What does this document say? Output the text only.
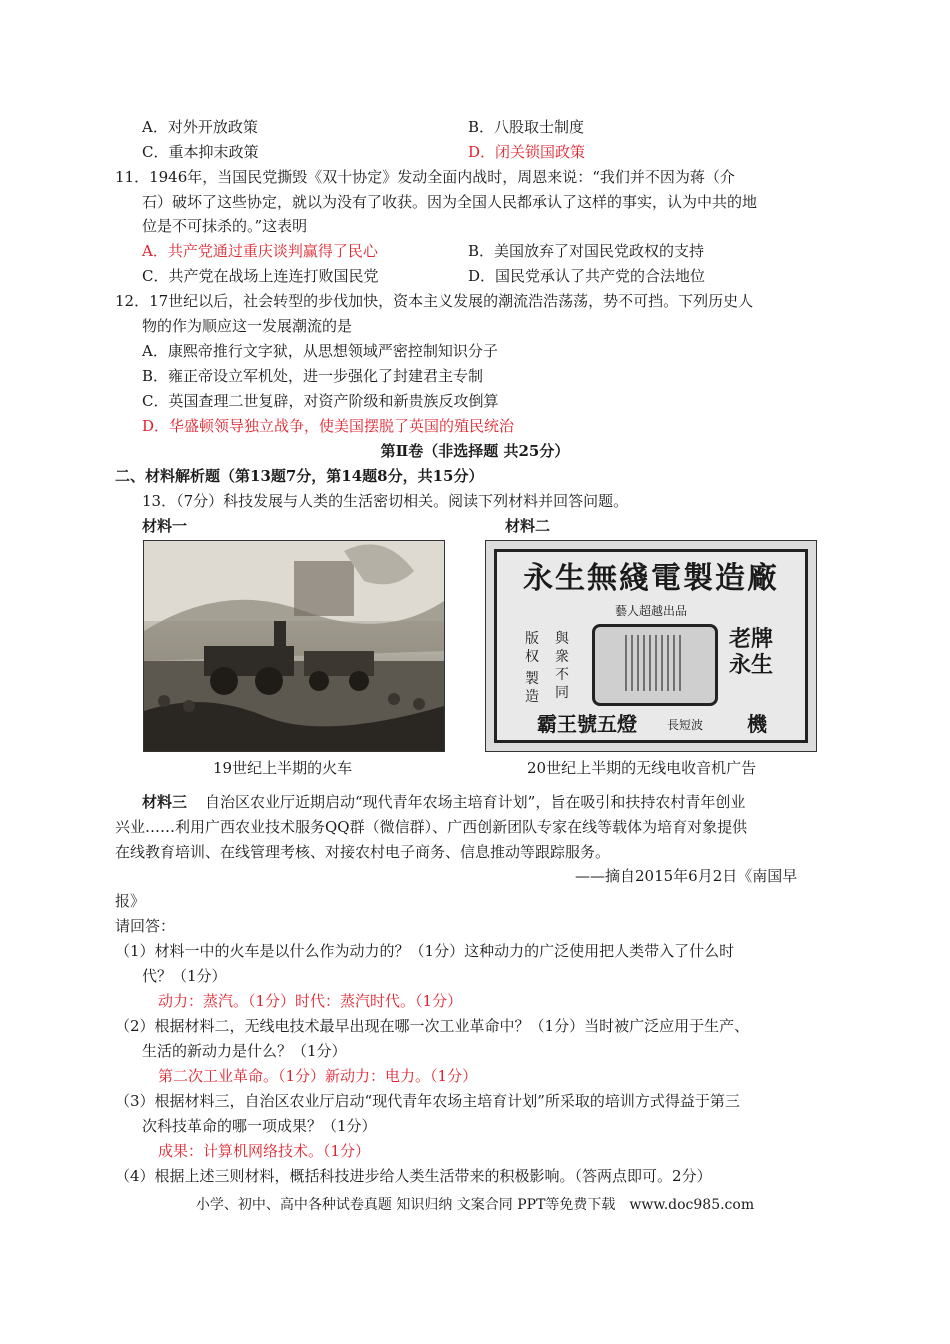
A．对外开放政策	B．八股取士制度
C．重本抑末政策	D．闭关锁国政策
11．1946年，当国民党撕毁《双十协定》发动全面内战时，周恩来说：“我们并不因为蒋（介
石）破坏了这些协定，就以为没有了收获。因为全国人民都承认了这样的事实，认为中共的地
位是不可抹杀的。”这表明
A．共产党通过重庆谈判赢得了民心	B．美国放弃了对国民党政权的支持
C．共产党在战场上连连打败国民党	D．国民党承认了共产党的合法地位
12．17世纪以后，社会转型的步伐加快，资本主义发展的潮流浩浩荡荡，势不可挡。下列历史人
物的作为顺应这一发展潮流的是
A．康熙帝推行文字狱，从思想领域严密控制知识分子
B．雍正帝设立军机处，进一步强化了封建君主专制
C．英国查理二世复辟，对资产阶级和新贵族反攻倒算
D．华盛顿领导独立战争，使美国摆脱了英国的殖民统治
第Ⅱ卷（非选择题 共25分）
二、材料解析题（第13题7分，第14题8分，共15分）
13．（7分）科技发展与人类的生活密切相关。阅读下列材料并回答问题。
材料一	材料二
永生無綫電製造廠
藝人超越出品
版权
製造
與衆不同
老牌永生
霸王號五燈	長短波 機
19世纪上半期的火车	20世纪上半期的无线电收音机广告
材料三 自治区农业厅近期启动“现代青年农场主培育计划”，旨在吸引和扶持农村青年创业
兴业……利用广西农业技术服务QQ群（微信群）、广西创新团队专家在线等载体为培育对象提供
在线教育培训、在线管理考核、对接农村电子商务、信息推动等跟踪服务。
——摘自2015年6月2日《南国早
报》
请回答：
（1）材料一中的火车是以什么作为动力的？（1分）这种动力的广泛使用把人类带入了什么时
代？（1分）
动力：蒸汽。（1分）时代：蒸汽时代。（1分）
（2）根据材料二，无线电技术最早出现在哪一次工业革命中？（1分）当时被广泛应用于生产、
生活的新动力是什么？（1分）
第二次工业革命。（1分）新动力：电力。（1分）
（3）根据材料三，自治区农业厅启动“现代青年农场主培育计划”所采取的培训方式得益于第三
次科技革命的哪一项成果？（1分）
成果：计算机网络技术。（1分）
（4）根据上述三则材料，概括科技进步给人类生活带来的积极影响。（答两点即可。2分）
小学、初中、高中各种试卷真题 知识归纳 文案合同 PPT等免费下载　www.doc985.com
